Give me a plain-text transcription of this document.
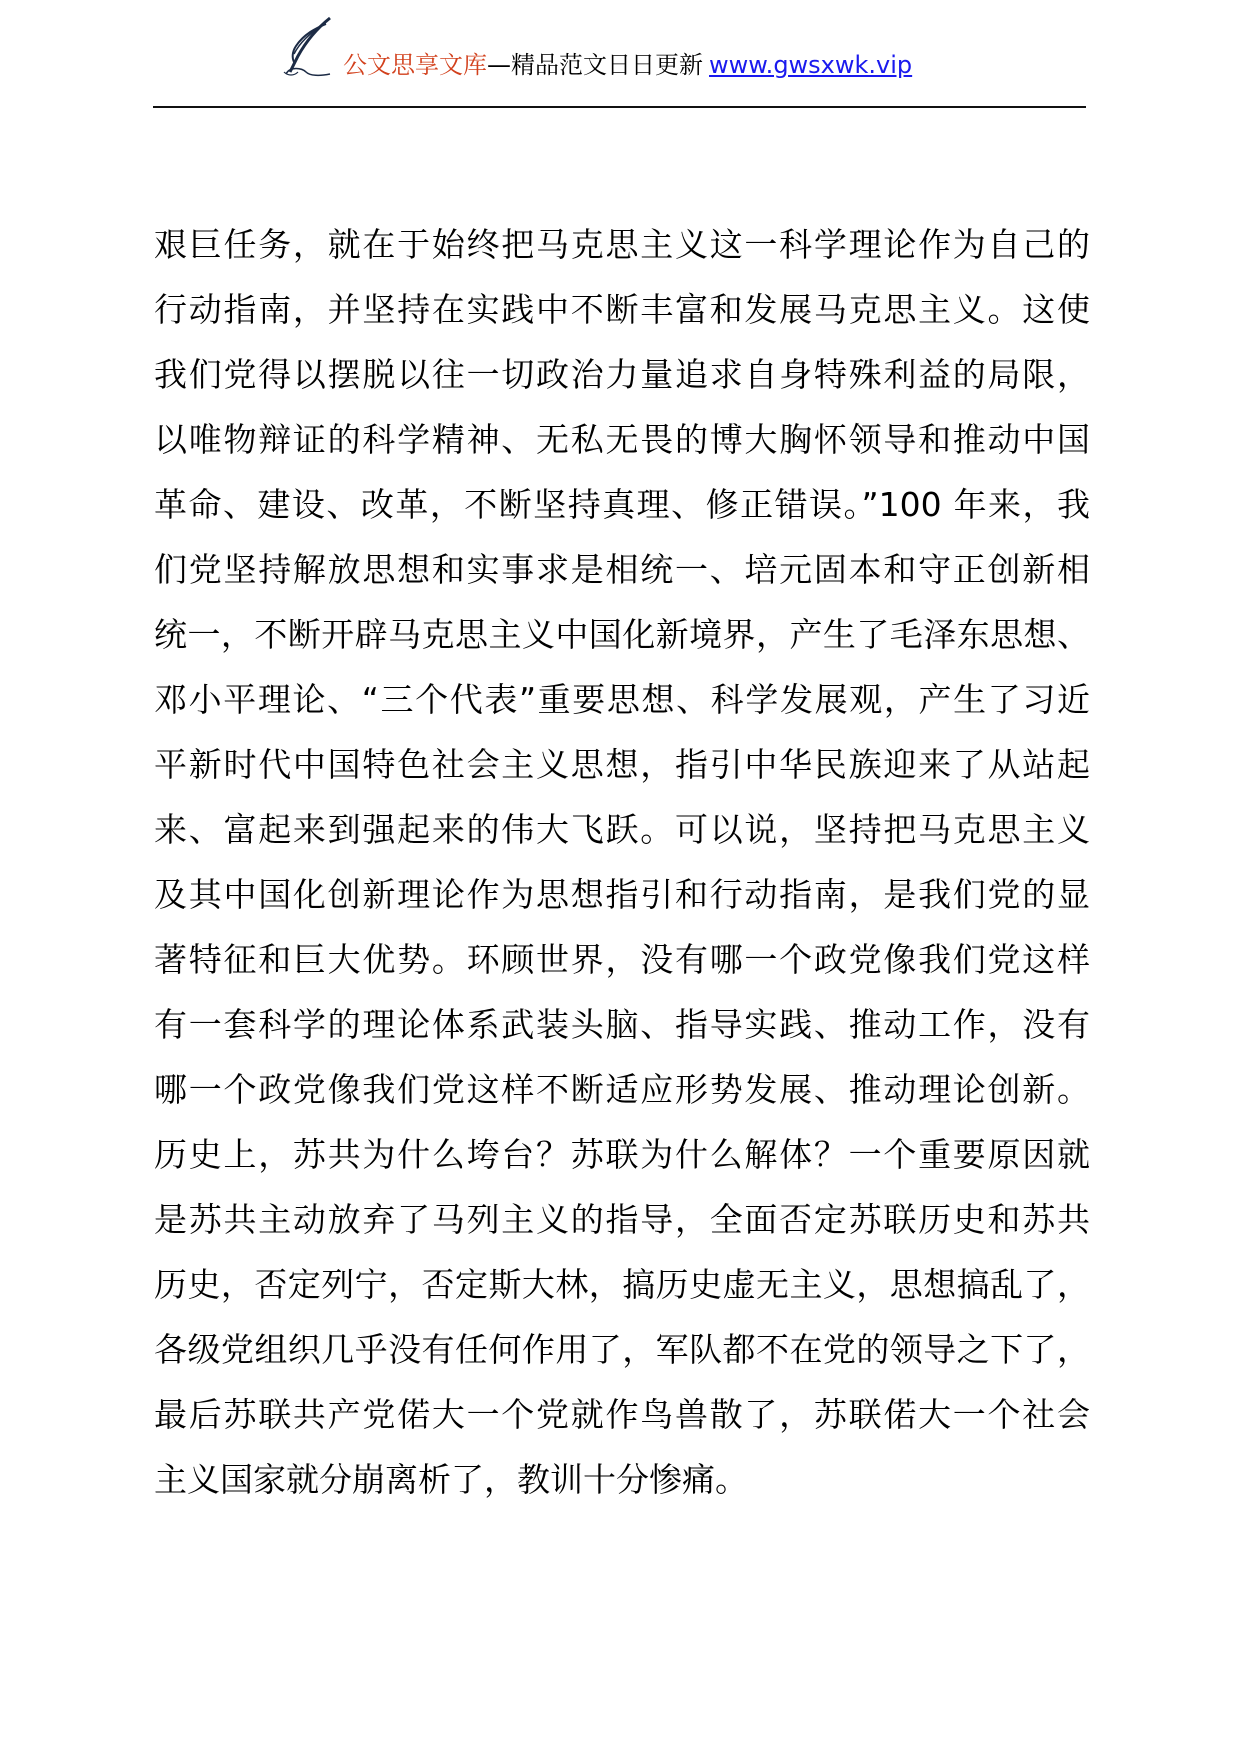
公文思享文库—精品范文日日更新 www.gwsxwk.vip
艰巨任务，就在于始终把马克思主义这一科学理论作为自己的
行动指南，并坚持在实践中不断丰富和发展马克思主义。这使
我们党得以摆脱以往一切政治力量追求自身特殊利益的局限，
以唯物辩证的科学精神、无私无畏的博大胸怀领导和推动中国
革命、建设、改革，不断坚持真理、修正错误。”100 年来，我
们党坚持解放思想和实事求是相统一、培元固本和守正创新相
统一，不断开辟马克思主义中国化新境界，产生了毛泽东思想、
邓小平理论、“三个代表”重要思想、科学发展观，产生了习近
平新时代中国特色社会主义思想，指引中华民族迎来了从站起
来、富起来到强起来的伟大飞跃。可以说，坚持把马克思主义
及其中国化创新理论作为思想指引和行动指南，是我们党的显
著特征和巨大优势。环顾世界，没有哪一个政党像我们党这样
有一套科学的理论体系武装头脑、指导实践、推动工作，没有
哪一个政党像我们党这样不断适应形势发展、推动理论创新。
历史上，苏共为什么垮台？苏联为什么解体？一个重要原因就
是苏共主动放弃了马列主义的指导，全面否定苏联历史和苏共
历史，否定列宁，否定斯大林，搞历史虚无主义，思想搞乱了，
各级党组织几乎没有任何作用了，军队都不在党的领导之下了，
最后苏联共产党偌大一个党就作鸟兽散了，苏联偌大一个社会
主义国家就分崩离析了，教训十分惨痛。
